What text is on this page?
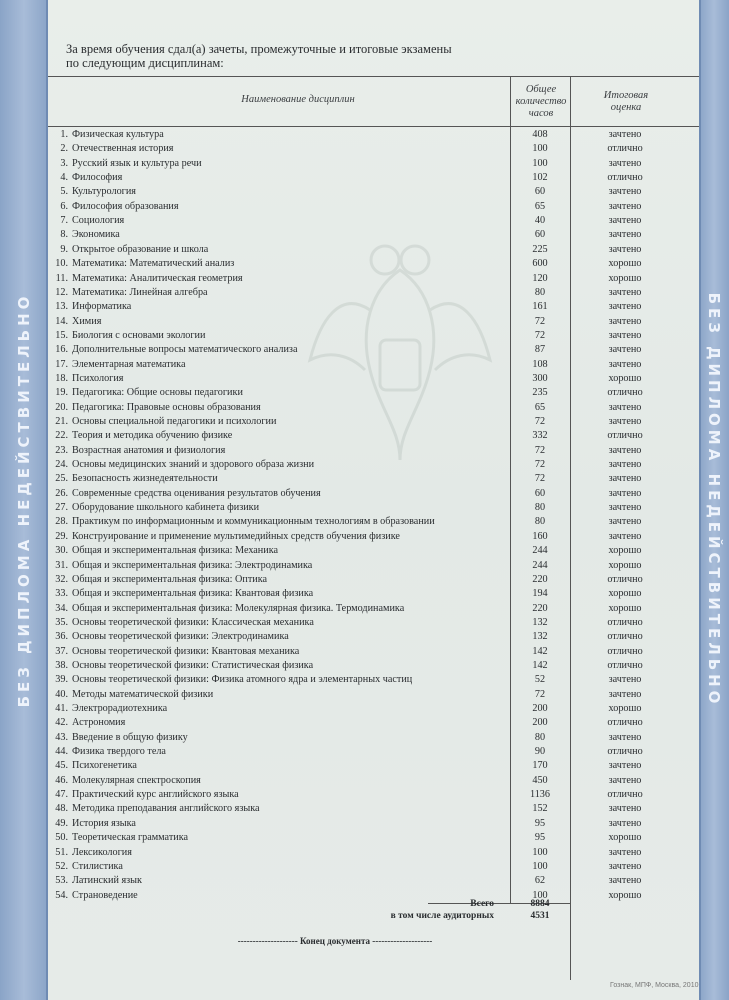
БЕЗ ДИПЛОМА НЕДЕЙСТВИТЕЛЬНО	БЕЗ ДИПЛОМА НЕДЕЙСТВИТЕЛЬНО
За время обучения сдал(а) зачеты, промежуточные и итоговые экзамены
по следующим дисциплинам:
Наименование дисциплин
Общее количество часов
Итоговая оценка
1. Физическая культура	408	зачтено
2. Отечественная история	100	отлично
3. Русский язык и культура речи	100	зачтено
4. Философия	102	отлично
5. Культурология	60	зачтено
6. Философия образования	65	зачтено
7. Социология	40	зачтено
8. Экономика	60	зачтено
9. Открытое образование и школа	225	зачтено
10. Математика: Математический анализ	600	хорошо
11. Математика: Аналитическая геометрия	120	хорошо
12. Математика: Линейная алгебра	80	зачтено
13. Информатика	161	зачтено
14. Химия	72	зачтено
15. Биология с основами экологии	72	зачтено
16. Дополнительные вопросы математического анализа	87	зачтено
17. Элементарная математика	108	зачтено
18. Психология	300	хорошо
19. Педагогика: Общие основы педагогики	235	отлично
20. Педагогика: Правовые основы образования	65	зачтено
21. Основы специальной педагогики и психологии	72	зачтено
22. Теория и методика обучению физике	332	отлично
23. Возрастная анатомия и физиология	72	зачтено
24. Основы медицинских знаний и здорового образа жизни	72	зачтено
25. Безопасность жизнедеятельности	72	зачтено
26. Современные средства оценивания результатов обучения	60	зачтено
27. Оборудование школьного кабинета физики	80	зачтено
28. Практикум по информационным и коммуникационным технологиям в образовании	80	зачтено
29. Конструирование и применение мультимедийных средств обучения физике	160	зачтено
30. Общая и экспериментальная физика: Механика	244	хорошо
31. Общая и экспериментальная физика: Электродинамика	244	хорошо
32. Общая и экспериментальная физика: Оптика	220	отлично
33. Общая и экспериментальная физика: Квантовая физика	194	хорошо
34. Общая и экспериментальная физика: Молекулярная физика. Термодинамика	220	хорошо
35. Основы теоретической физики: Классическая механика	132	отлично
36. Основы теоретической физики: Электродинамика	132	отлично
37. Основы теоретической физики: Квантовая механика	142	отлично
38. Основы теоретической физики: Статистическая физика	142	отлично
39. Основы теоретической физики: Физика атомного ядра и элементарных частиц	52	зачтено
40. Методы математической физики	72	зачтено
41. Электрорадиотехника	200	хорошо
42. Астрономия	200	отлично
43. Введение в общую физику	80	зачтено
44. Физика твердого тела	90	отлично
45. Психогенетика	170	зачтено
46. Молекулярная спектроскопия	450	зачтено
47. Практический курс английского языка	1136	отлично
48. Методика преподавания английского языка	152	зачтено
49. История языка	95	зачтено
50. Теоретическая грамматика	95	хорошо
51. Лексикология	100	зачтено
52. Стилистика	100	зачтено
53. Латинский язык	62	зачтено
54. Страноведение	100	хорошо
Всего	8884
в том числе аудиторных	4531
-------------------- Конец документа --------------------
Гознак, МПФ, Москва, 2010
